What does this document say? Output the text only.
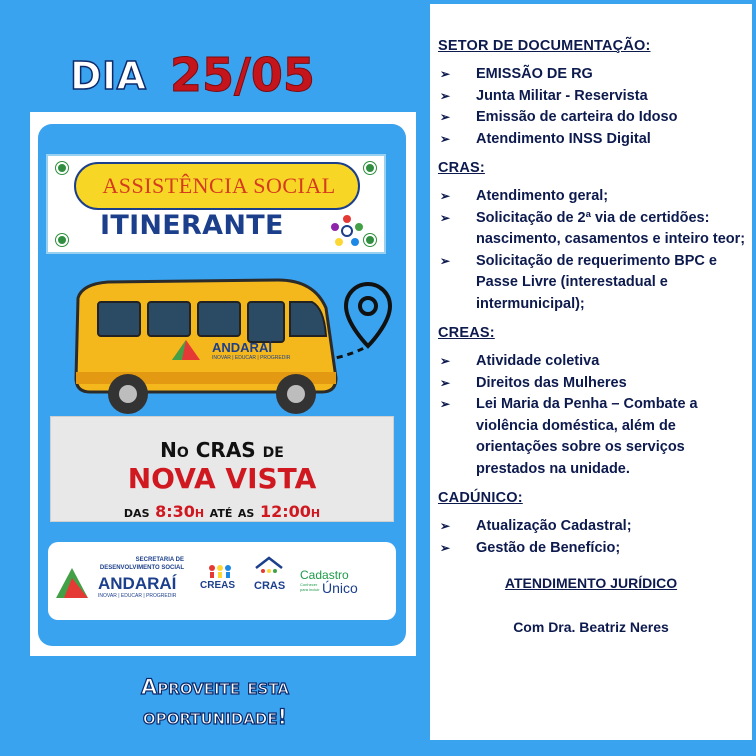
DIA 25/05
ASSISTÊNCIA SOCIAL
ITINERANTE
ANDARAÍ
INOVAR | EDUCAR | PROGREDIR
No CRAS de
NOVA VISTA
das 8:30h até as 12:00h
SECRETARIA DE DESENVOLVIMENTO SOCIAL
ANDARAÍ
INOVAR | EDUCAR | PROGREDIR
CREAS CRAS
Cadastro
Conhecer para incluir Único
Aproveite esta
oportunidade!
SETOR DE DOCUMENTAÇÃO:
➢ EMISSÃO DE RG
➢ Junta Militar - Reservista
➢ Emissão de carteira do Idoso
➢ Atendimento INSS Digital
CRAS:
➢ Atendimento geral;
➢ Solicitação de 2ª via de certidões: nascimento, casamentos e inteiro teor;
➢ Solicitação de requerimento BPC e Passe Livre (interestadual e intermunicipal);
CREAS:
➢ Atividade coletiva
➢ Direitos das Mulheres
➢ Lei Maria da Penha – Combate a violência doméstica, além de orientações sobre os serviços prestados na unidade.
CADÚNICO:
➢ Atualização Cadastral;
➢ Gestão de Benefício;
ATENDIMENTO JURÍDICO
Com Dra. Beatriz Neres
